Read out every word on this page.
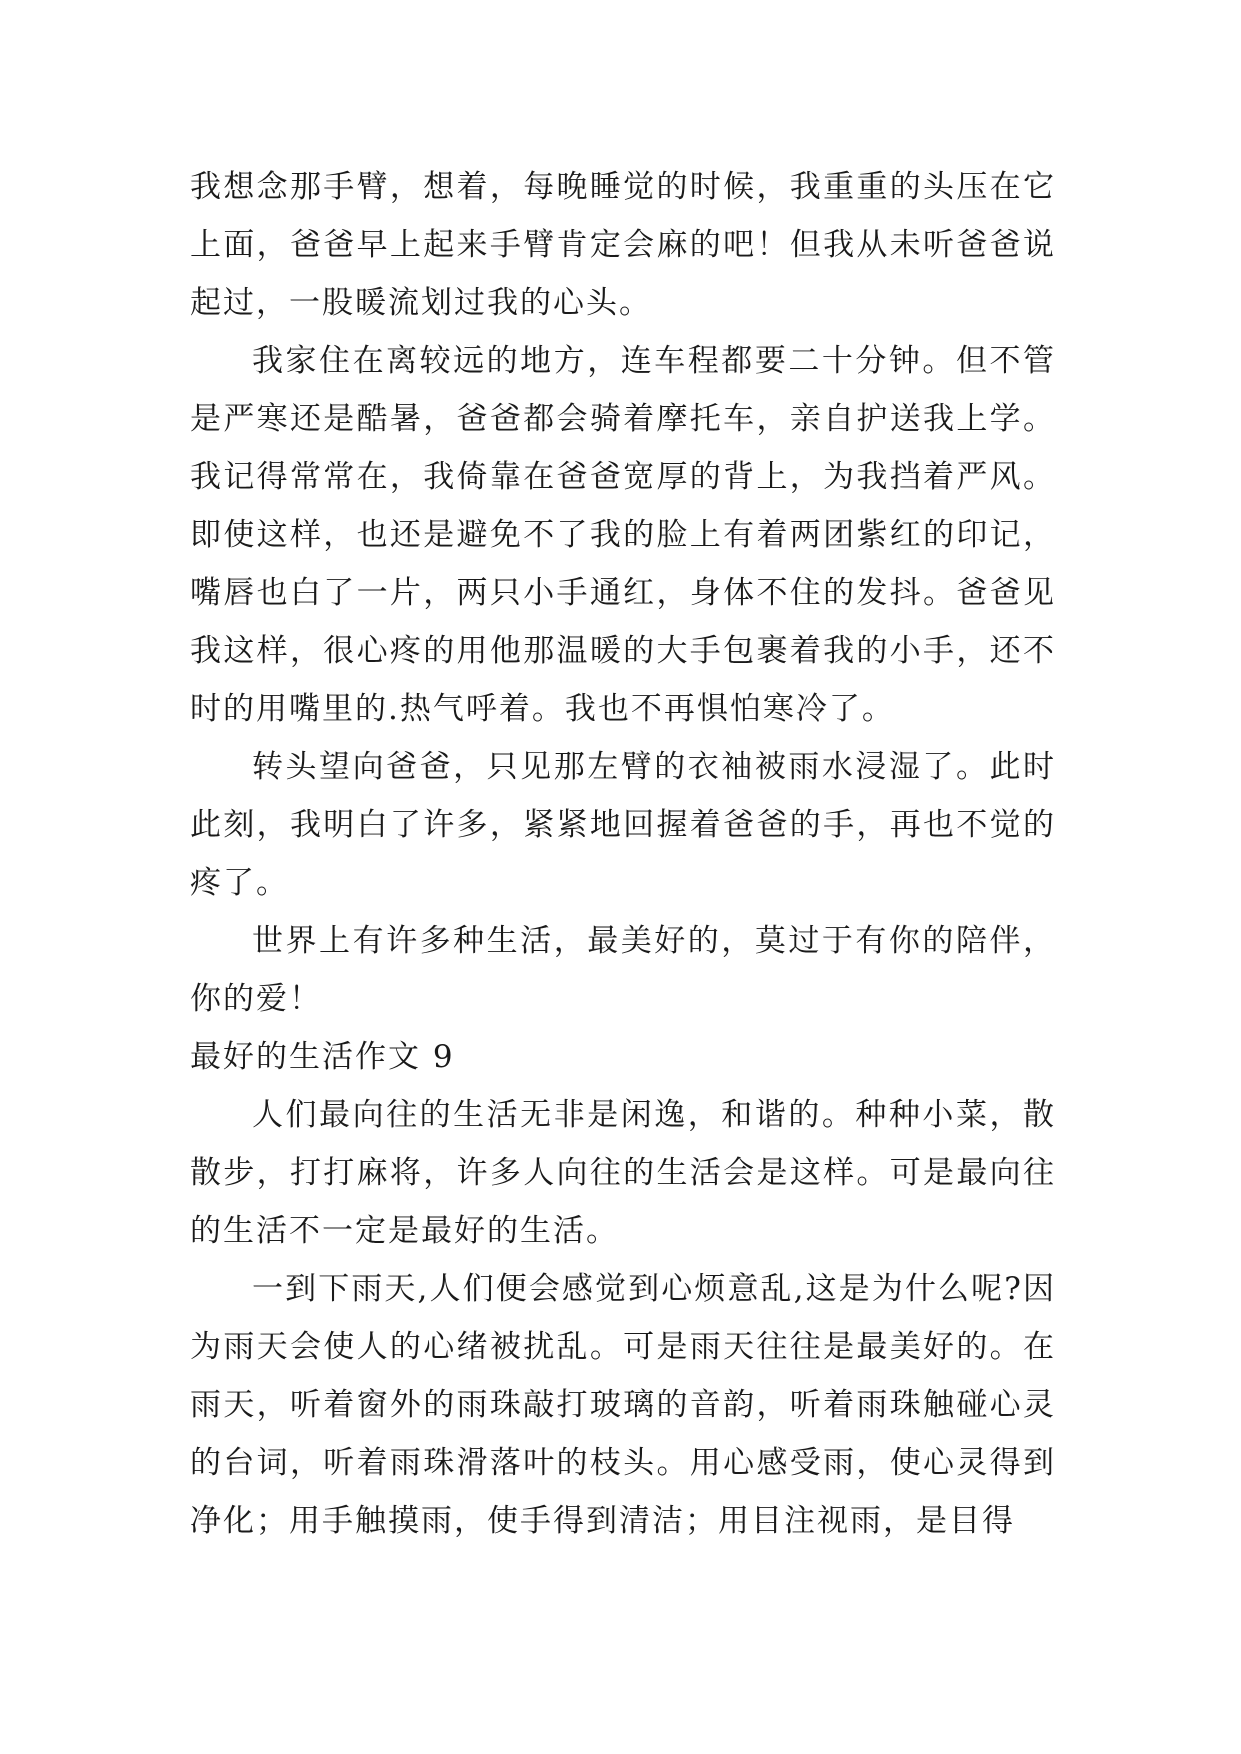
我想念那手臂，想着，每晚睡觉的时候，我重重的头压在它上面，爸爸早上起来手臂肯定会麻的吧！但我从未听爸爸说起过，一股暖流划过我的心头。

我家住在离较远的地方，连车程都要二十分钟。但不管是严寒还是酷暑，爸爸都会骑着摩托车，亲自护送我上学。我记得常常在，我倚靠在爸爸宽厚的背上，为我挡着严风。即使这样，也还是避免不了我的脸上有着两团紫红的印记，嘴唇也白了一片，两只小手通红，身体不住的发抖。爸爸见我这样，很心疼的用他那温暖的大手包裹着我的小手，还不时的用嘴里的.热气呼着。我也不再惧怕寒冷了。

转头望向爸爸，只见那左臂的衣袖被雨水浸湿了。此时此刻，我明白了许多，紧紧地回握着爸爸的手，再也不觉的疼了。

世界上有许多种生活，最美好的，莫过于有你的陪伴，你的爱！

最好的生活作文 9

人们最向往的生活无非是闲逸，和谐的。种种小菜，散散步，打打麻将，许多人向往的生活会是这样。可是最向往的生活不一定是最好的生活。

一到下雨天,人们便会感觉到心烦意乱,这是为什么呢?因为雨天会使人的心绪被扰乱。可是雨天往往是最美好的。在雨天，听着窗外的雨珠敲打玻璃的音韵，听着雨珠触碰心灵的台词，听着雨珠滑落叶的枝头。用心感受雨，使心灵得到净化；用手触摸雨，使手得到清洁；用目注视雨，是目得
